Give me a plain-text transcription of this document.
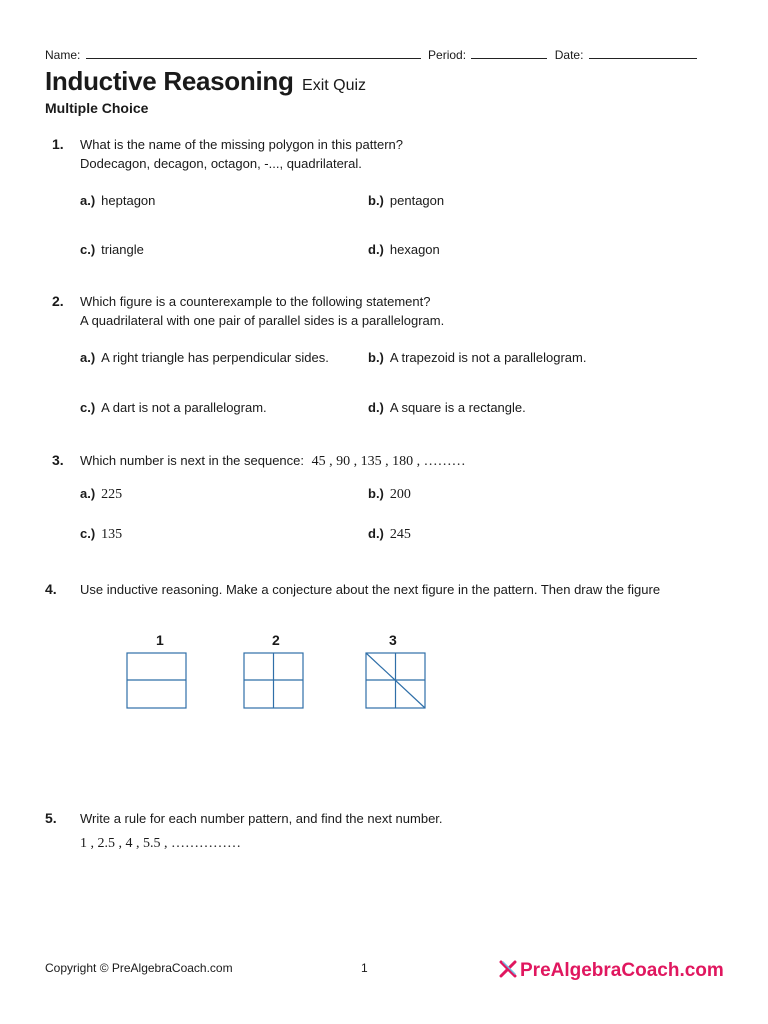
Name:	Period:	Date:
Inductive Reasoning Exit Quiz
Multiple Choice
1. What is the name of the missing polygon in this pattern?
Dodecagon, decagon, octagon, -..., quadrilateral.
a.) heptagon	b.) pentagon
c.) triangle	d.) hexagon
2. Which figure is a counterexample to the following statement?
A quadrilateral with one pair of parallel sides is a parallelogram.
a.) A right triangle has perpendicular sides.	b.) A trapezoid is not a parallelogram.
c.) A dart is not a parallelogram.	d.) A square is a rectangle.
3. Which number is next in the sequence: 45 , 90 , 135 , 180 , ………
a.) 225	b.) 200
c.) 135	d.) 245
4. Use inductive reasoning. Make a conjecture about the next figure in the pattern. Then draw the figure
1	2	3
5. Write a rule for each number pattern, and find the next number.
1 , 2.5 , 4 , 5.5 , ……………
Copyright © PreAlgebraCoach.com	1	PreAlgebraCoach.com
